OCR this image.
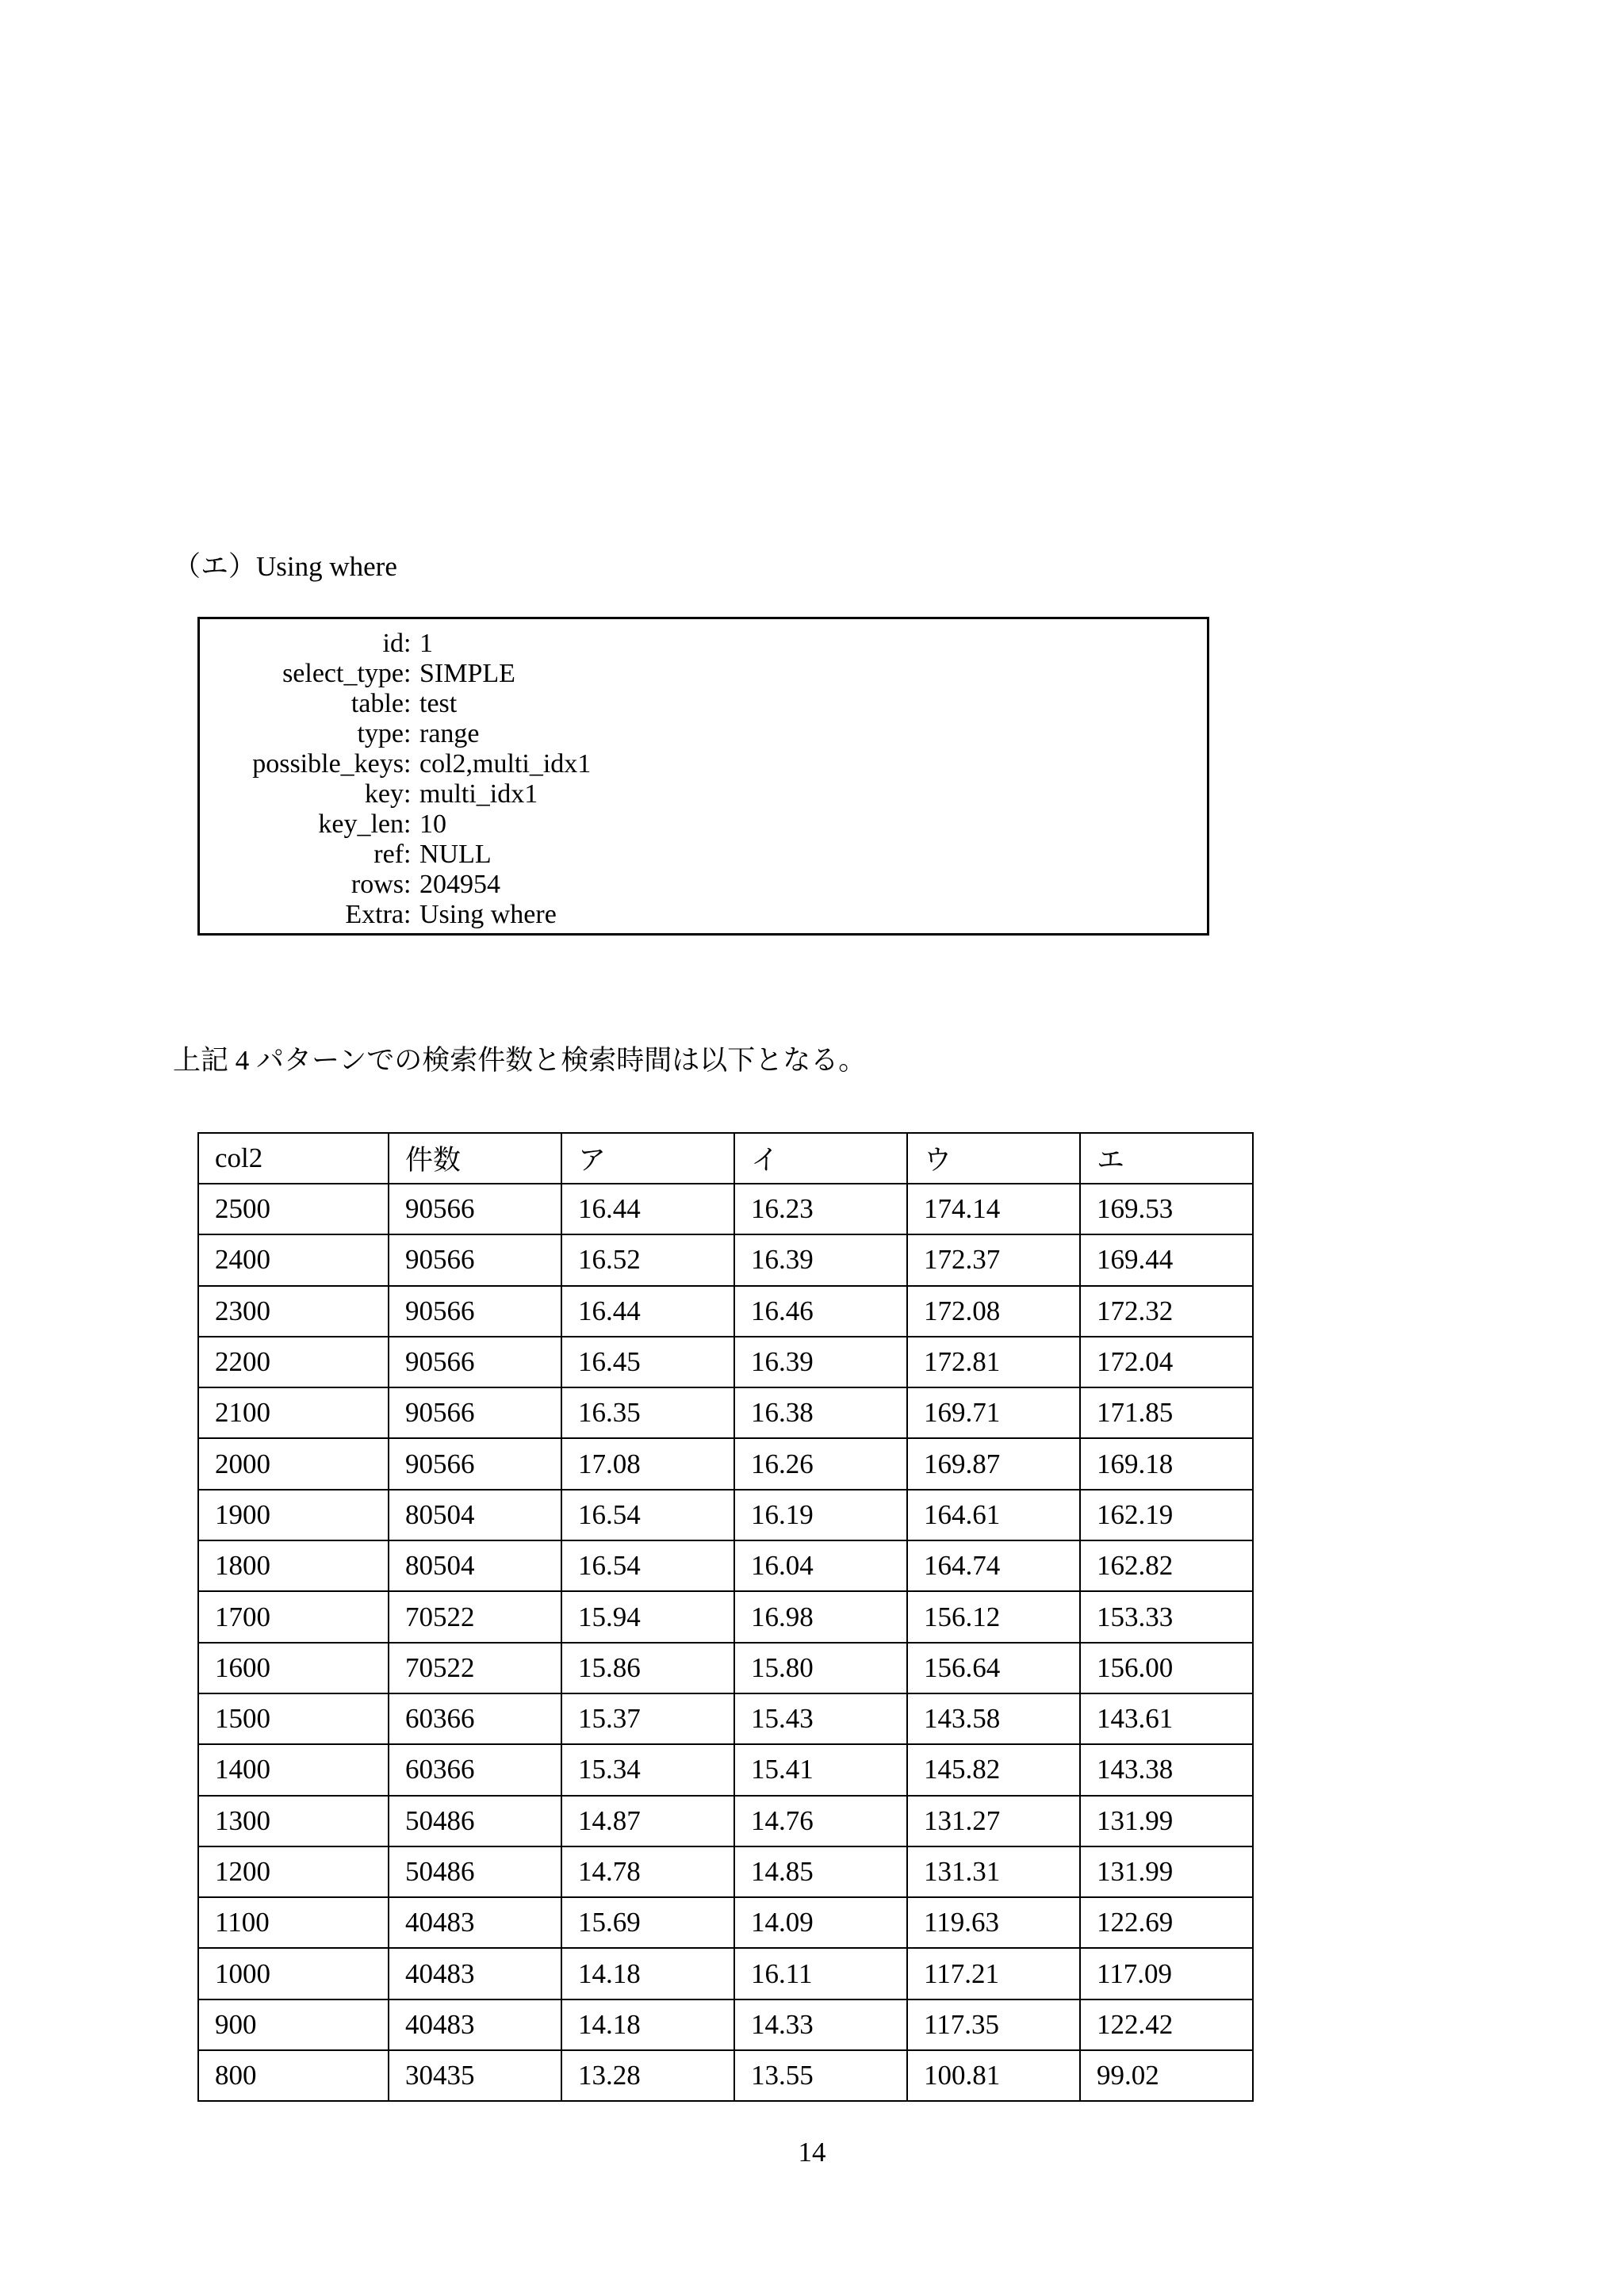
（エ）Using where
id : 1
select_type : SIMPLE
table : test
type : range
possible_keys : col2,multi_idx1
key : multi_idx1
key_len : 10
ref : NULL
rows : 204954
Extra : Using where
上記 4 パターンでの検索件数と検索時間は以下となる。
col2	件数	ア	イ	ウ	エ
2500	90566	16.44	16.23	174.14	169.53
2400	90566	16.52	16.39	172.37	169.44
2300	90566	16.44	16.46	172.08	172.32
2200	90566	16.45	16.39	172.81	172.04
2100	90566	16.35	16.38	169.71	171.85
2000	90566	17.08	16.26	169.87	169.18
1900	80504	16.54	16.19	164.61	162.19
1800	80504	16.54	16.04	164.74	162.82
1700	70522	15.94	16.98	156.12	153.33
1600	70522	15.86	15.80	156.64	156.00
1500	60366	15.37	15.43	143.58	143.61
1400	60366	15.34	15.41	145.82	143.38
1300	50486	14.87	14.76	131.27	131.99
1200	50486	14.78	14.85	131.31	131.99
1100	40483	15.69	14.09	119.63	122.69
1000	40483	14.18	16.11	117.21	117.09
900	40483	14.18	14.33	117.35	122.42
800	30435	13.28	13.55	100.81	99.02
14
